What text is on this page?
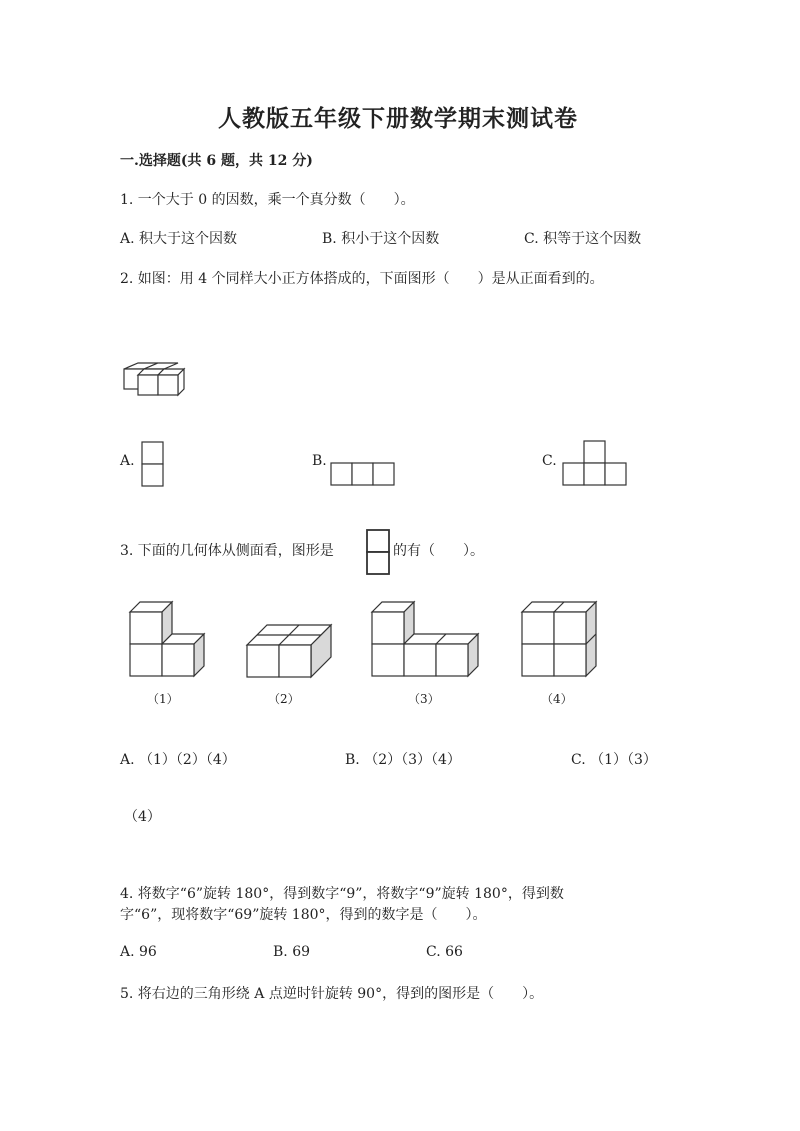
人教版五年级下册数学期末测试卷
一.选择题(共 6 题，共 12 分)
1. 一个大于 0 的因数，乘一个真分数（　　）。
A. 积大于这个因数	B. 积小于这个因数	C. 积等于这个因数
2. 如图：用 4 个同样大小正方体搭成的，下面图形（　　）是从正面看到的。
A.	B.	C.
3. 下面的几何体从侧面看，图形是	的有（　　）。
（1）	（2）	（3）	（4）
A. （1）（2）（4）	B. （2）（3）（4）	C. （1）（3）
（4）
4. 将数字“6”旋转 180°，得到数字“9”，将数字“9”旋转 180°，得到数
字“6”，现将数字“69”旋转 180°，得到的数字是（　　）。
A. 96	B. 69	C. 66
5. 将右边的三角形绕 A 点逆时针旋转 90°，得到的图形是（　　）。
